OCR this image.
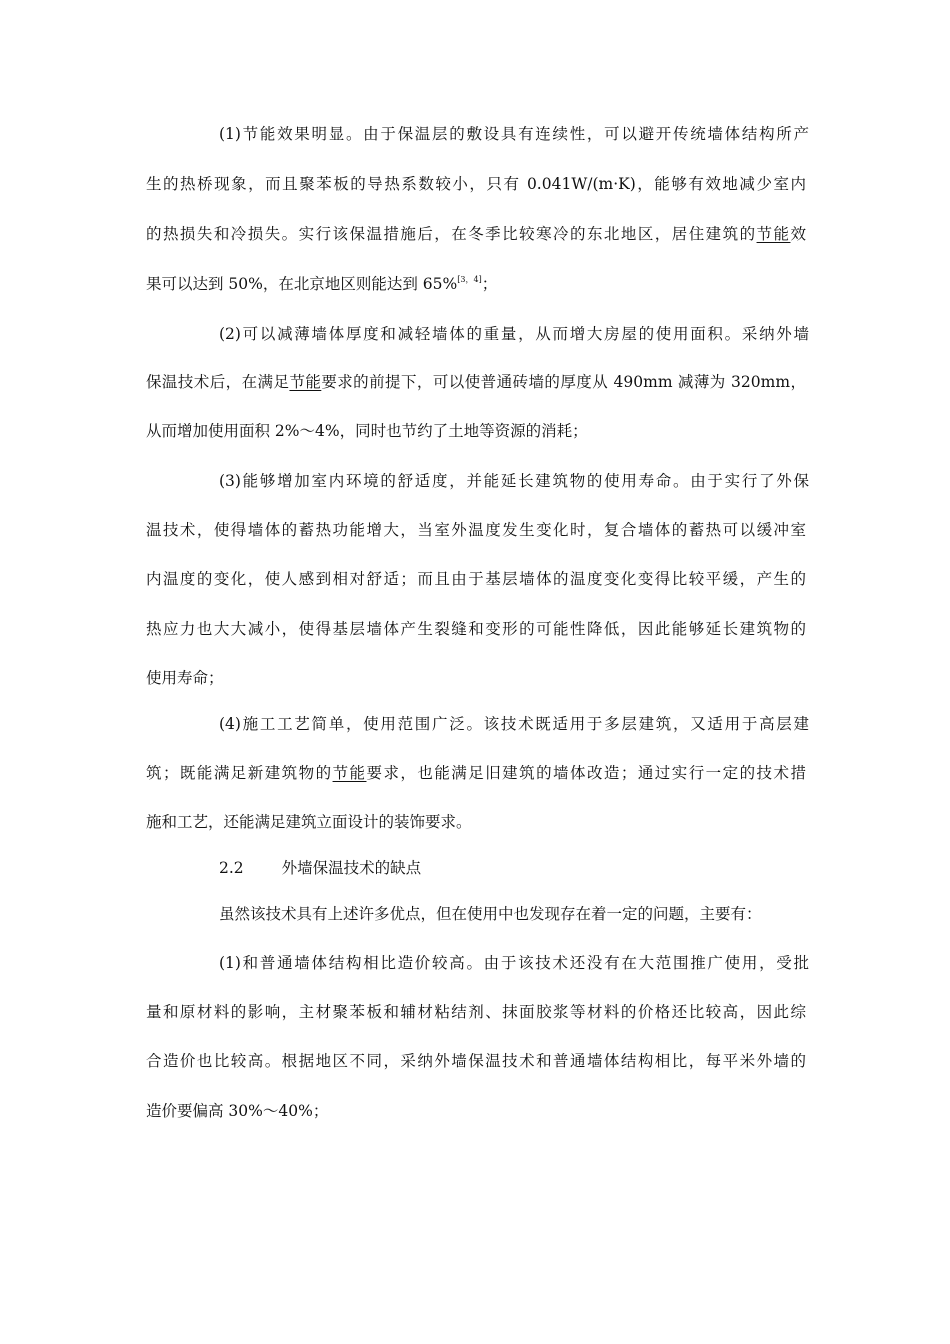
(1)节能效果明显。由于保温层的敷设具有连续性，可以避开传统墙体结构所产
生的热桥现象，而且聚苯板的导热系数较小，只有 0.041W/(m·K)，能够有效地减少室内
的热损失和冷损失。实行该保温措施后，在冬季比较寒冷的东北地区，居住建筑的节能效
果可以达到 50%，在北京地区则能达到 65%[3，4]；
(2)可以减薄墙体厚度和减轻墙体的重量，从而增大房屋的使用面积。采纳外墙
保温技术后，在满足节能要求的前提下，可以使普通砖墙的厚度从 490mm 减薄为 320mm，
从而增加使用面积 2%～4%，同时也节约了土地等资源的消耗；
(3)能够增加室内环境的舒适度，并能延长建筑物的使用寿命。由于实行了外保
温技术，使得墙体的蓄热功能增大，当室外温度发生变化时，复合墙体的蓄热可以缓冲室
内温度的变化，使人感到相对舒适；而且由于基层墙体的温度变化变得比较平缓，产生的
热应力也大大减小，使得基层墙体产生裂缝和变形的可能性降低，因此能够延长建筑物的
使用寿命；
(4)施工工艺简单，使用范围广泛。该技术既适用于多层建筑，又适用于高层建
筑；既能满足新建筑物的节能要求，也能满足旧建筑的墙体改造；通过实行一定的技术措
施和工艺，还能满足建筑立面设计的装饰要求。
2.2 外墙保温技术的缺点
虽然该技术具有上述许多优点，但在使用中也发现存在着一定的问题，主要有：
(1)和普通墙体结构相比造价较高。由于该技术还没有在大范围推广使用，受批
量和原材料的影响，主材聚苯板和辅材粘结剂、抹面胶浆等材料的价格还比较高，因此综
合造价也比较高。根据地区不同，采纳外墙保温技术和普通墙体结构相比，每平米外墙的
造价要偏高 30%～40%；
